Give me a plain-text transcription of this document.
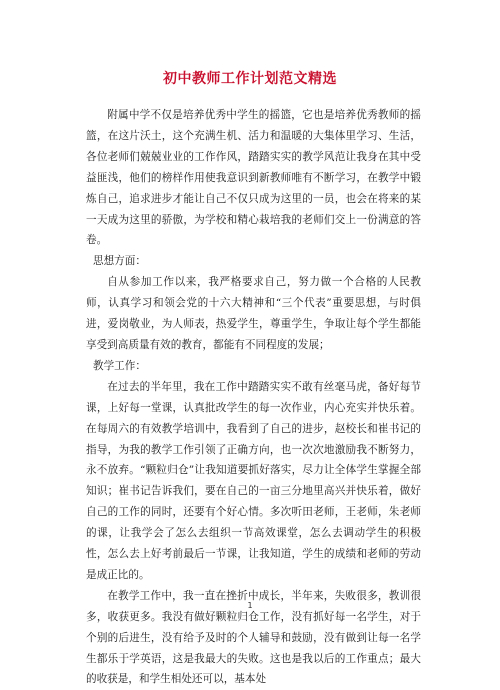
初中教师工作计划范文精选

附属中学不仅是培养优秀中学生的摇篮，它也是培养优秀教师的摇篮，在这片沃土，这个充满生机、活力和温暖的大集体里学习、生活，各位老师们兢兢业业的工作作风，踏踏实实的教学风范让我身在其中受益匪浅，他们的榜样作用使我意识到新教师唯有不断学习，在教学中锻炼自己，追求进步才能让自己不仅只成为这里的一员，也会在将来的某一天成为这里的骄傲，为学校和精心栽培我的老师们交上一份满意的答卷。

思想方面：

自从参加工作以来，我严格要求自己，努力做一个合格的人民教师，认真学习和领会党的十六大精神和“三个代表”重要思想，与时俱进，爱岗敬业，为人师表，热爱学生，尊重学生，争取让每个学生都能享受到高质量有效的教育，都能有不同程度的发展；

教学工作：

在过去的半年里，我在工作中踏踏实实不敢有丝毫马虎，备好每节课，上好每一堂课，认真批改学生的每一次作业，内心充实并快乐着。在每周六的有效教学培训中，我看到了自己的进步，赵校长和崔书记的指导，为我的教学工作引领了正确方向，也一次次地激励我不断努力，永不放弃。“颗粒归仓”让我知道要抓好落实，尽力让全体学生掌握全部知识；崔书记告诉我们，要在自己的一亩三分地里高兴并快乐着，做好自己的工作的同时，还要有个好心情。多次听田老师，王老师，朱老师的课，让我学会了怎么去组织一节高效课堂，怎么去调动学生的积极性，怎么去上好考前最后一节课，让我知道，学生的成绩和老师的劳动是成正比的。

在教学工作中，我一直在挫折中成长，半年来，失败很多，教训很多，收获更多。我没有做好颗粒归仓工作，没有抓好每一名学生，对于个别的后进生，没有给予及时的个人辅导和鼓励，没有做到让每一名学生都乐于学英语，这是我最大的失败。这也是我以后的工作重点；最大的收获是，和学生相处还可以，基本处

1
